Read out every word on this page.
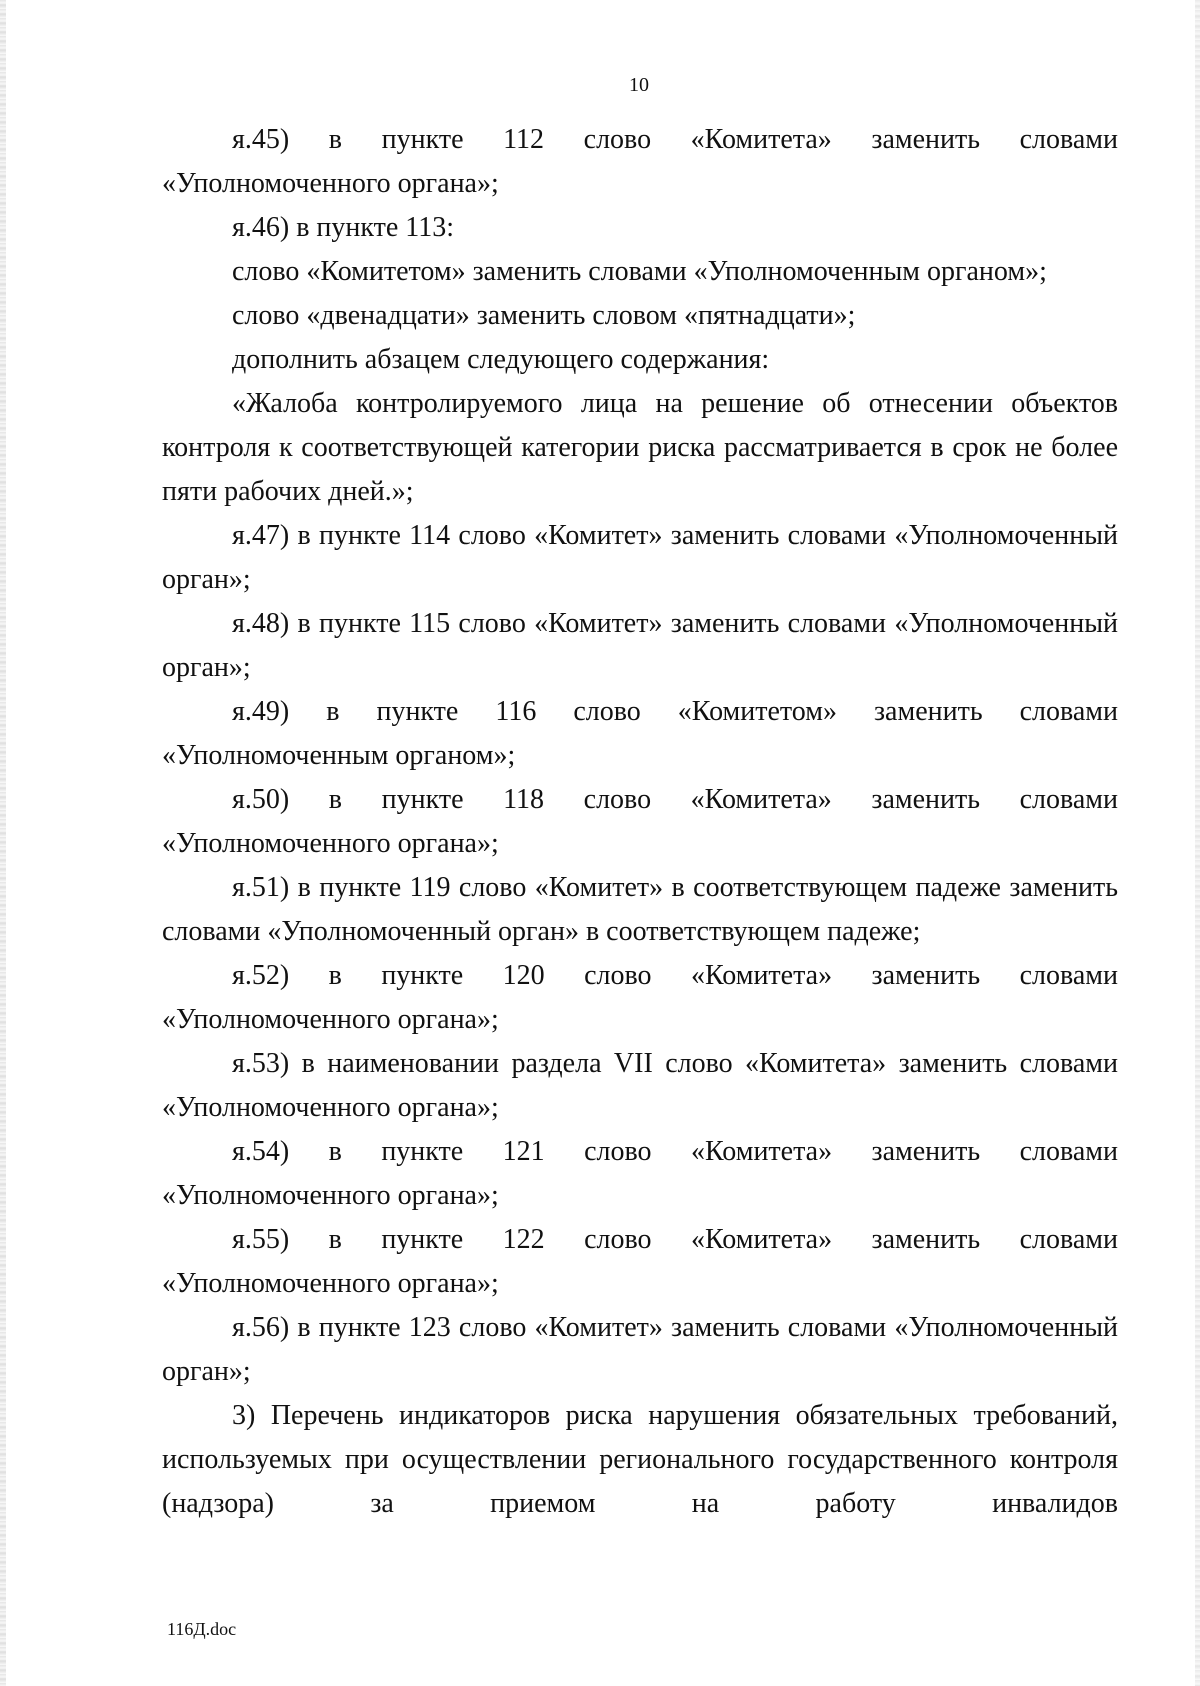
10

я.45) в пункте 112 слово «Комитета» заменить словами «Уполномоченного органа»;

я.46) в пункте 113:

слово «Комитетом» заменить словами «Уполномоченным органом»;

слово «двенадцати» заменить словом «пятнадцати»;

дополнить абзацем следующего содержания:

«Жалоба контролируемого лица на решение об отнесении объектов контроля к соответствующей категории риска рассматривается в срок не более пяти рабочих дней.»;

я.47) в пункте 114 слово «Комитет» заменить словами «Уполномоченный орган»;

я.48) в пункте 115 слово «Комитет» заменить словами «Уполномоченный орган»;

я.49) в пункте 116 слово «Комитетом» заменить словами «Уполномоченным органом»;

я.50) в пункте 118 слово «Комитета» заменить словами «Уполномоченного органа»;

я.51) в пункте 119 слово «Комитет» в соответствующем падеже заменить словами «Уполномоченный орган» в соответствующем падеже;

я.52) в пункте 120 слово «Комитета» заменить словами «Уполномоченного органа»;

я.53) в наименовании раздела VII слово «Комитета» заменить словами «Уполномоченного органа»;

я.54) в пункте 121 слово «Комитета» заменить словами «Уполномоченного органа»;

я.55) в пункте 122 слово «Комитета» заменить словами «Уполномоченного органа»;

я.56) в пункте 123 слово «Комитет» заменить словами «Уполномоченный орган»;

3) Перечень индикаторов риска нарушения обязательных требований, используемых при осуществлении регионального государственного контроля (надзора) за приемом на работу инвалидов

116Д.doc
